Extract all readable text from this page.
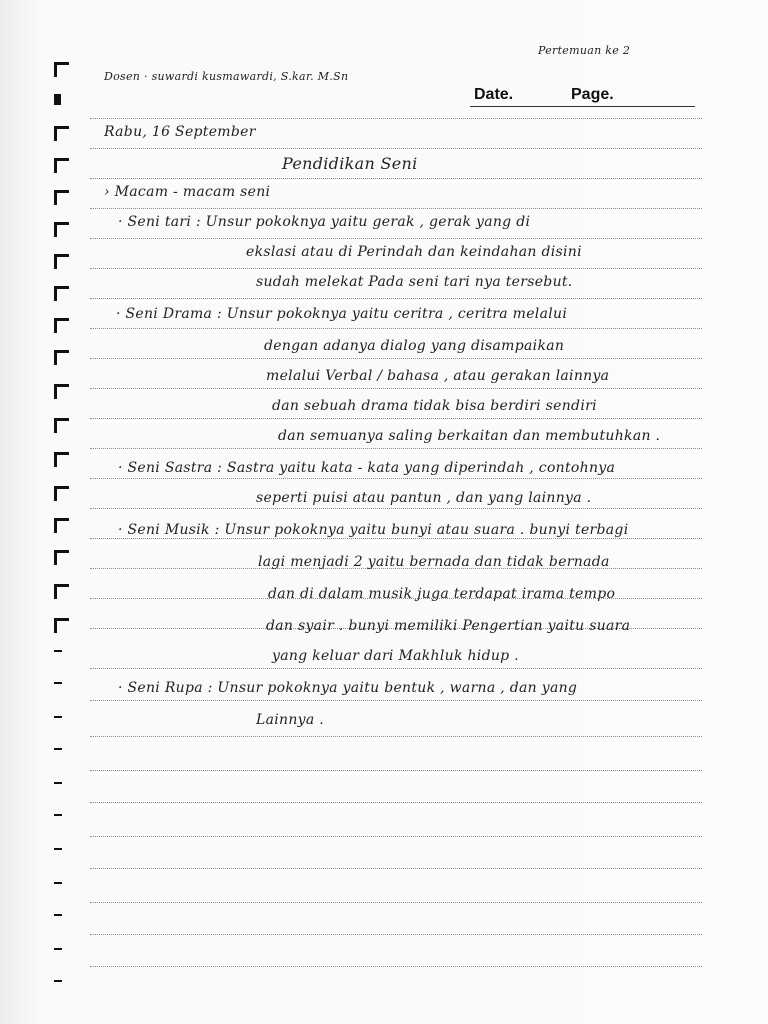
Pertemuan ke 2
Dosen · suwardi kusmawardi, S.kar. M.Sn
Date.	Page.
Rabu, 16 September
Pendidikan Seni
› Macam - macam seni
· Seni tari : Unsur pokoknya yaitu gerak , gerak yang di
ekslasi atau di Perindah dan keindahan disini
sudah melekat Pada seni tari nya tersebut.
· Seni Drama : Unsur pokoknya yaitu ceritra , ceritra melalui
dengan adanya dialog yang disampaikan
melalui Verbal / bahasa , atau gerakan lainnya
dan sebuah drama tidak bisa berdiri sendiri
dan semuanya saling berkaitan dan membutuhkan .
· Seni Sastra : Sastra yaitu kata - kata yang diperindah , contohnya
seperti puisi atau pantun , dan yang lainnya .
· Seni Musik : Unsur pokoknya yaitu bunyi atau suara . bunyi terbagi
lagi menjadi 2 yaitu bernada dan tidak bernada
dan di dalam musik juga terdapat irama tempo
dan syair . bunyi memiliki Pengertian yaitu suara
yang keluar dari Makhluk hidup .
· Seni Rupa : Unsur pokoknya yaitu bentuk , warna , dan yang
Lainnya .
